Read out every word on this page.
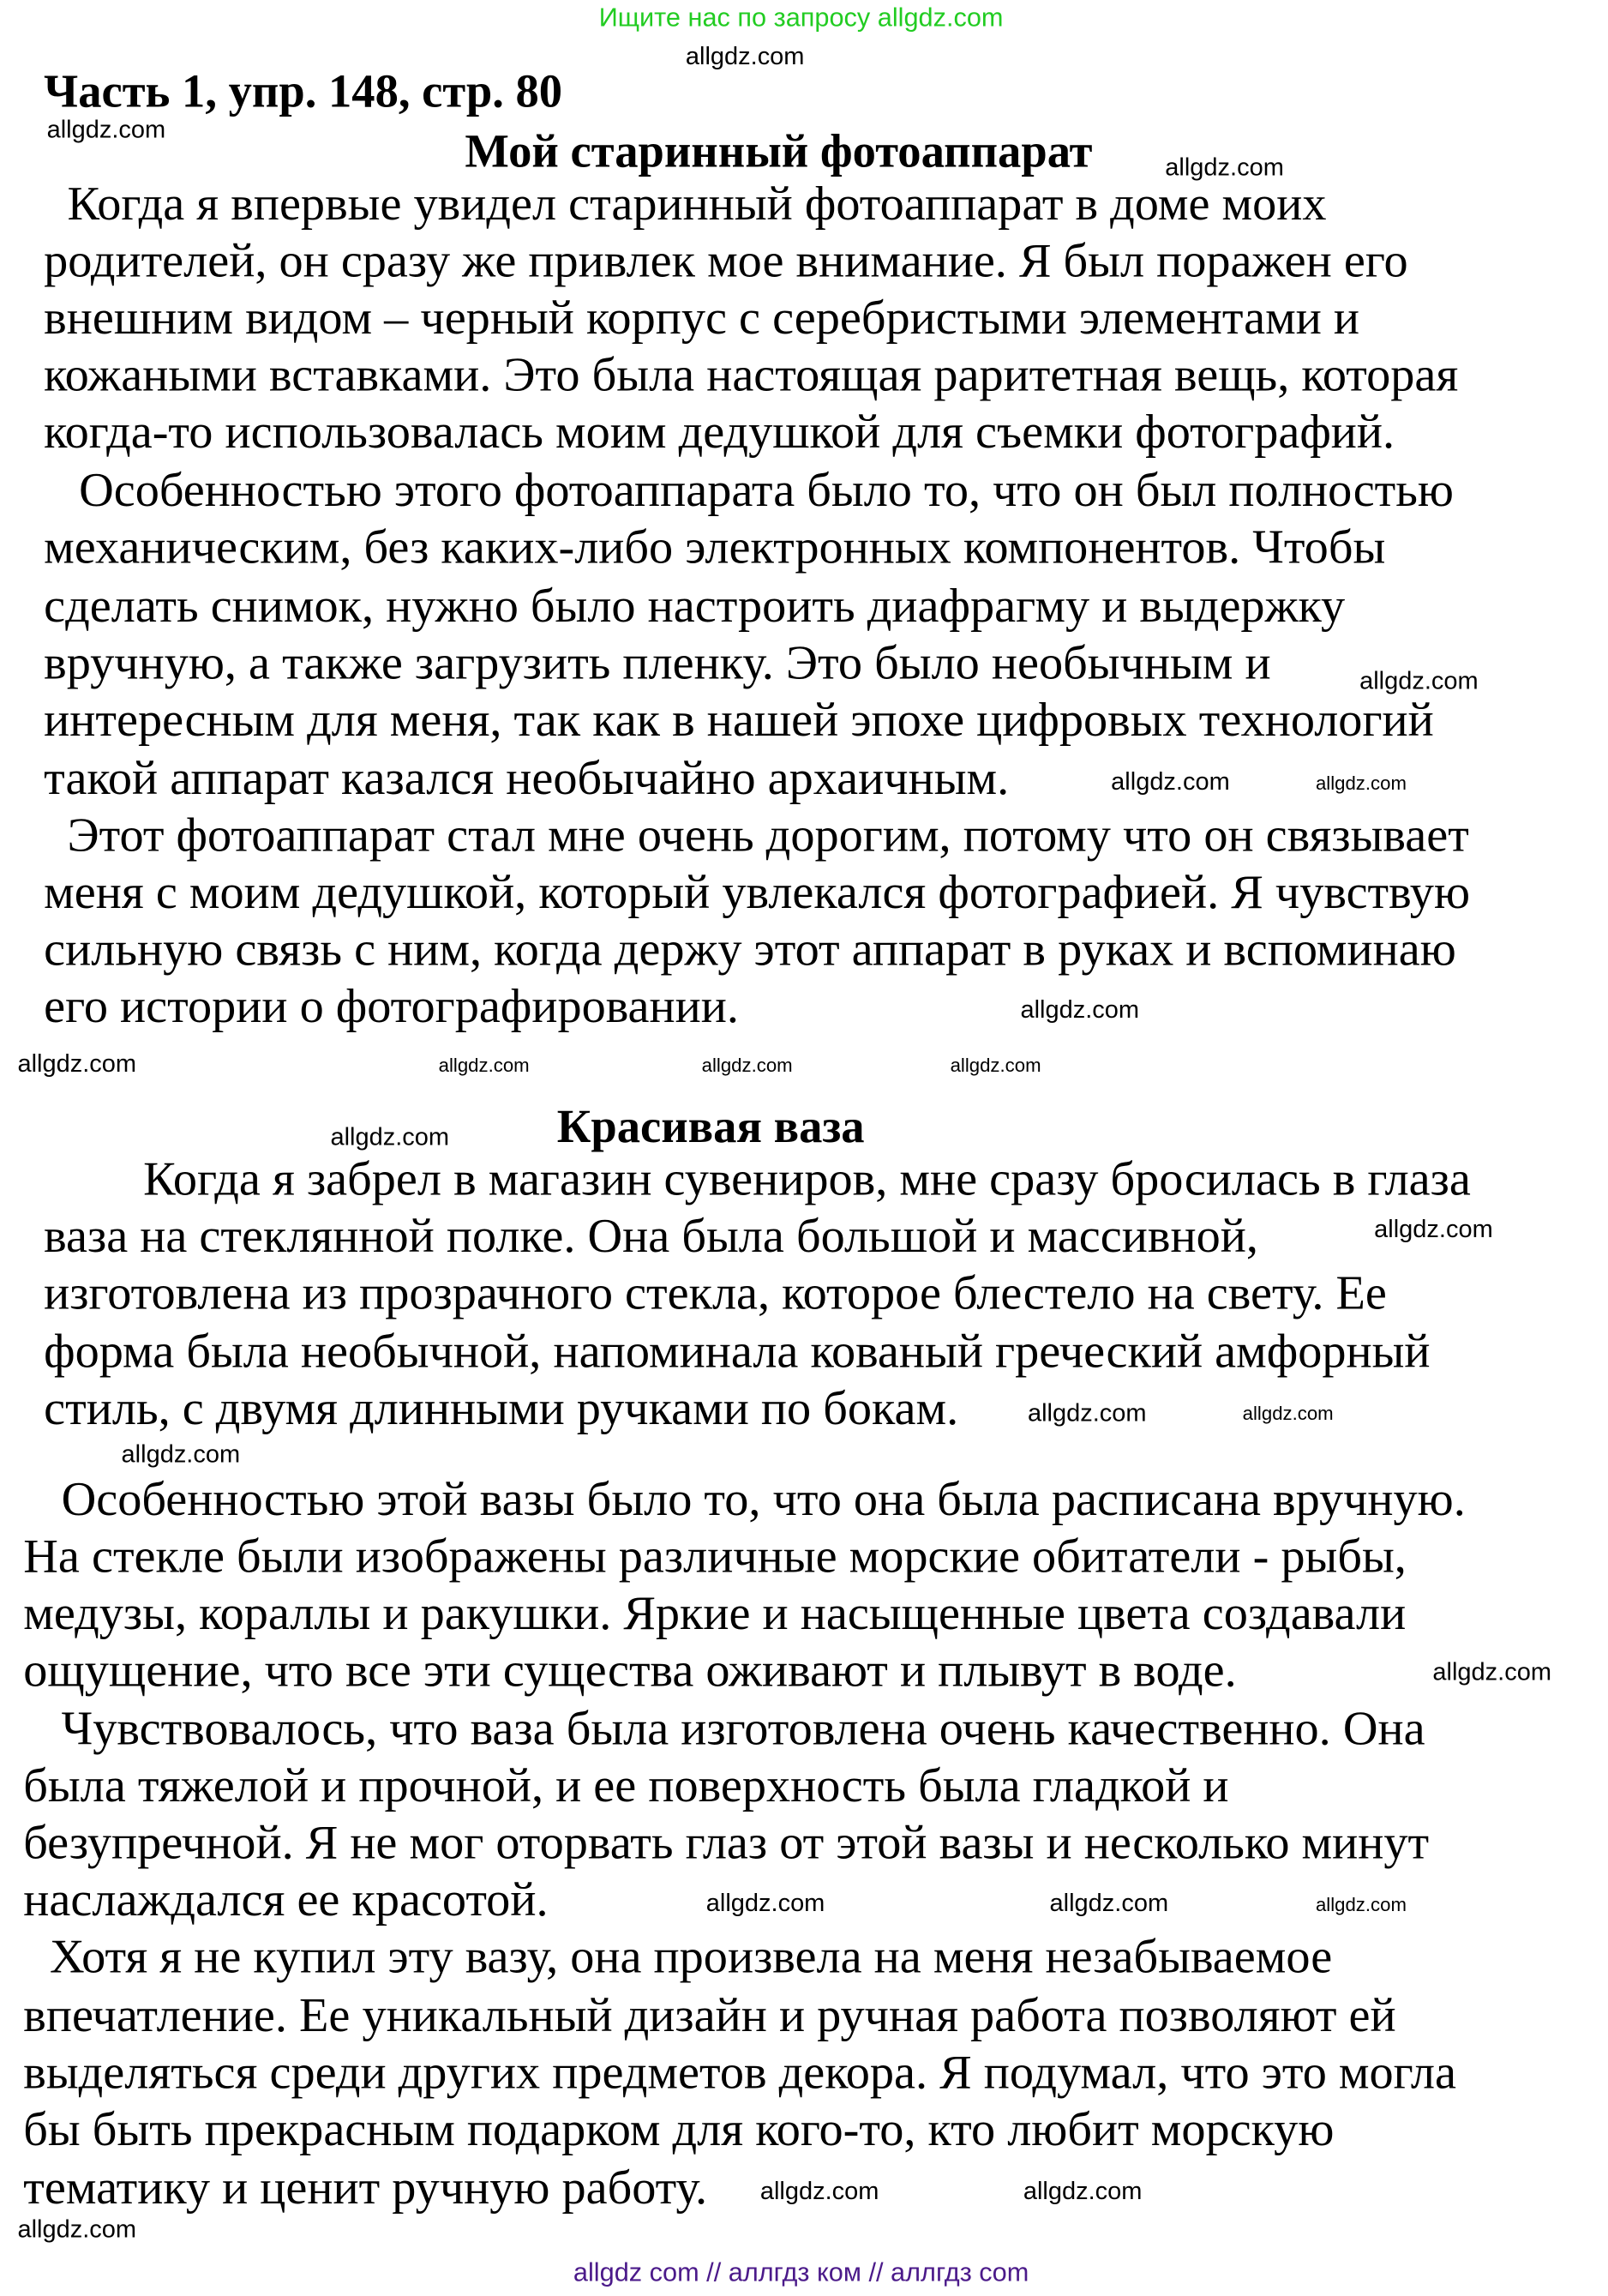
Ищите нас по запросу allgdz.com
Часть 1, упр. 148, стр. 80
Мой старинный фотоаппарат
Красивая ваза
allgdz com // аллгдз ком // аллгдз com
Когда я впервые увидел старинный фотоаппарат в доме моих
родителей, он сразу же привлек мое внимание. Я был поражен его
внешним видом – черный корпус с серебристыми элементами и
кожаными вставками. Это была настоящая раритетная вещь, которая
когда-то использовалась моим дедушкой для съемки фотографий.
Особенностью этого фотоаппарата было то, что он был полностью
механическим, без каких-либо электронных компонентов. Чтобы
сделать снимок, нужно было настроить диафрагму и выдержку
вручную, а также загрузить пленку. Это было необычным и
интересным для меня, так как в нашей эпохе цифровых технологий
такой аппарат казался необычайно архаичным.
Этот фотоаппарат стал мне очень дорогим, потому что он связывает
меня с моим дедушкой, который увлекался фотографией. Я чувствую
сильную связь с ним, когда держу этот аппарат в руках и вспоминаю
его истории о фотографировании.
Когда я забрел в магазин сувениров, мне сразу бросилась в глаза
ваза на стеклянной полке. Она была большой и массивной,
изготовлена из прозрачного стекла, которое блестело на свету. Ее
форма была необычной, напоминала кованый греческий амфорный
стиль, с двумя длинными ручками по бокам.
Особенностью этой вазы было то, что она была расписана вручную.
На стекле были изображены различные морские обитатели - рыбы,
медузы, кораллы и ракушки. Яркие и насыщенные цвета создавали
ощущение, что все эти существа оживают и плывут в воде.
Чувствовалось, что ваза была изготовлена очень качественно. Она
была тяжелой и прочной, и ее поверхность была гладкой и
безупречной. Я не мог оторвать глаз от этой вазы и несколько минут
наслаждался ее красотой.
Хотя я не купил эту вазу, она произвела на меня незабываемое
впечатление. Ее уникальный дизайн и ручная работа позволяют ей
выделяться среди других предметов декора. Я подумал, что это могла
бы быть прекрасным подарком для кого-то, кто любит морскую
тематику и ценит ручную работу.
allgdz.com
allgdz.com
allgdz.com
allgdz.com	allgdz.com
allgdz.com	allgdz.com
allgdz.com
allgdz.com
allgdz.com
allgdz.com
allgdz.com
allgdz.com
allgdz.com
allgdz.com
allgdz.com
allgdz.com
allgdz.com
allgdz.com	allgdz.com
allgdz.com
allgdz.com
allgdz.com
